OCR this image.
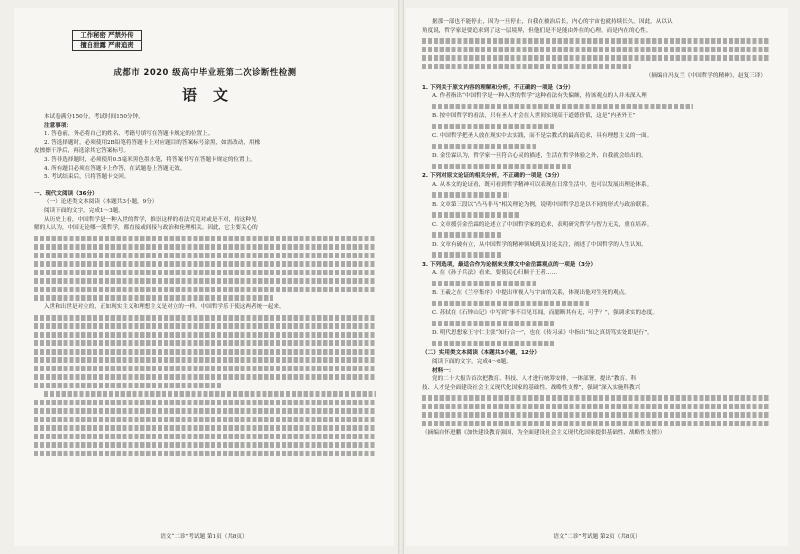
工作秘密 严禁外传
擅自泄露 严肃追责
成都市 2020 级高中毕业班第二次诊断性检测
语文
本试卷满分150分，考试时间150分钟。
注意事项：
1. 答卷前，务必将自己的姓名、考籍号填写在答题卡规定的位置上。
2. 答选择题时，必须使用2B铅笔将答题卡上对应题目的答案标号涂黑，如需改动，用橡
皮擦擦干净后，再选涂其它答案标号。
3. 答非选择题时，必须使用0.5毫米黑色墨水笔，将答案书写在答题卡规定的位置上。
4. 所有题目必须在答题卡上作答，在试题卷上答题无效。
5. 考试结束后，只将答题卡交回。
一、现代文阅读（36分）
（一）论述类文本阅读（本题共3小题，9分）
阅读下面的文字，完成1～3题。
从历史上看，中国哲学是一种入世的哲学，推崇这样的看法究竟对或是不对，持这种见
解的人认为，中国无论哪一派哲学，都直接或间接与政治和伦理相关。因此，它主要关心的
入世和出世是对立的，正如现实主义和理想主义是对立的一样。中国哲学乐于使这两者统一起来。
语文“二诊”考试题 第1页（共8页）
据那一部也不能停止，因为一旦停止，自我在被治后长，内心的宇宙也就持续长久。因此，从以认
角度说，哲学家是要追求到了这一层境界，但他们是不是能由外在的心理，而是内在的心性。
（摘编自冯友兰《中国哲学的精神》，赵复三译）
1. 下列关于原文内容的理解和分析，不正确的一项是（3分）
A. 作者指出“中国哲学是一种入世的哲学”这种看法有失偏颇，持该观点的人并未深入理
B. 按中国哲学的看法，只有圣人才会在人世间实现高于道德价值，这是“内圣外王”
C. 中国哲学把圣人放在现实中去实践，而不是宗教式的最高追求，具有理想主义的一面。
D. 金岳霖认为，哲学家一旦符合心灵的描述，生活在哲学体验之外，自我就会给出的。
2. 下列对原文论证的相关分析，不正确的一项是（3分）
A. 从本文的论证看，既可看到哲学精神可以表现在日常生活中，也可以发展出理论体系。
B. 文章第三段以“凸马非马”相关理论为例，说明中国哲学总是以不同的形式与政治联系。
C. 文章援引金岳霖的论述立了中国哲学家的追求，表明研究哲学与智力无关，重在培养。
D. 文章有破有立，从中国哲学的精神领域到及讨论关注，阐述了中国哲学的人生认知。
3. 下列选项，最适合作为论据来支撑文中金岳霖观点的一项是（3分）
A. 在《孙子兵法》看来，要使民心归顺于王者……
B. 王羲之在《兰亭集序》中提出审视人与宇宙的关系，体现出他对生死的观点。
C. 苏轼在《石钟山记》中写到“事不目见耳闻，而臆断其有无，可乎？”，强调求实的态度。
D. 明代思想家王守仁主张“知行合一”，也在《传习录》中指出“知之真切笃实处即是行”。
（二）实用类文本阅读（本题共3小题，12分）
阅读下面的文字，完成4～6题。
材料一：
党的二十大报告首次把教育、科技、人才进行统筹安排，一体部署，提出“教育、科
技、人才是全面建设社会主义现代化国家的基础性、战略性支撑”，强调“深入实施科教兴
（摘编自怀进鹏《加快建设教育强国，为全面建设社会主义现代化国家提供基础性、战略性支撑》）
语文“二诊”考试题 第2页（共8页）
